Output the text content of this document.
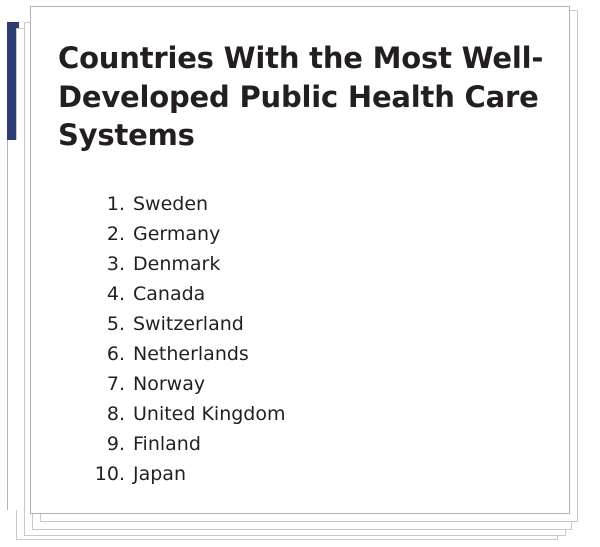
Countries With the Most Well-Developed Public Health Care Systems
1. Sweden
2. Germany
3. Denmark
4. Canada
5. Switzerland
6. Netherlands
7. Norway
8. United Kingdom
9. Finland
10. Japan
